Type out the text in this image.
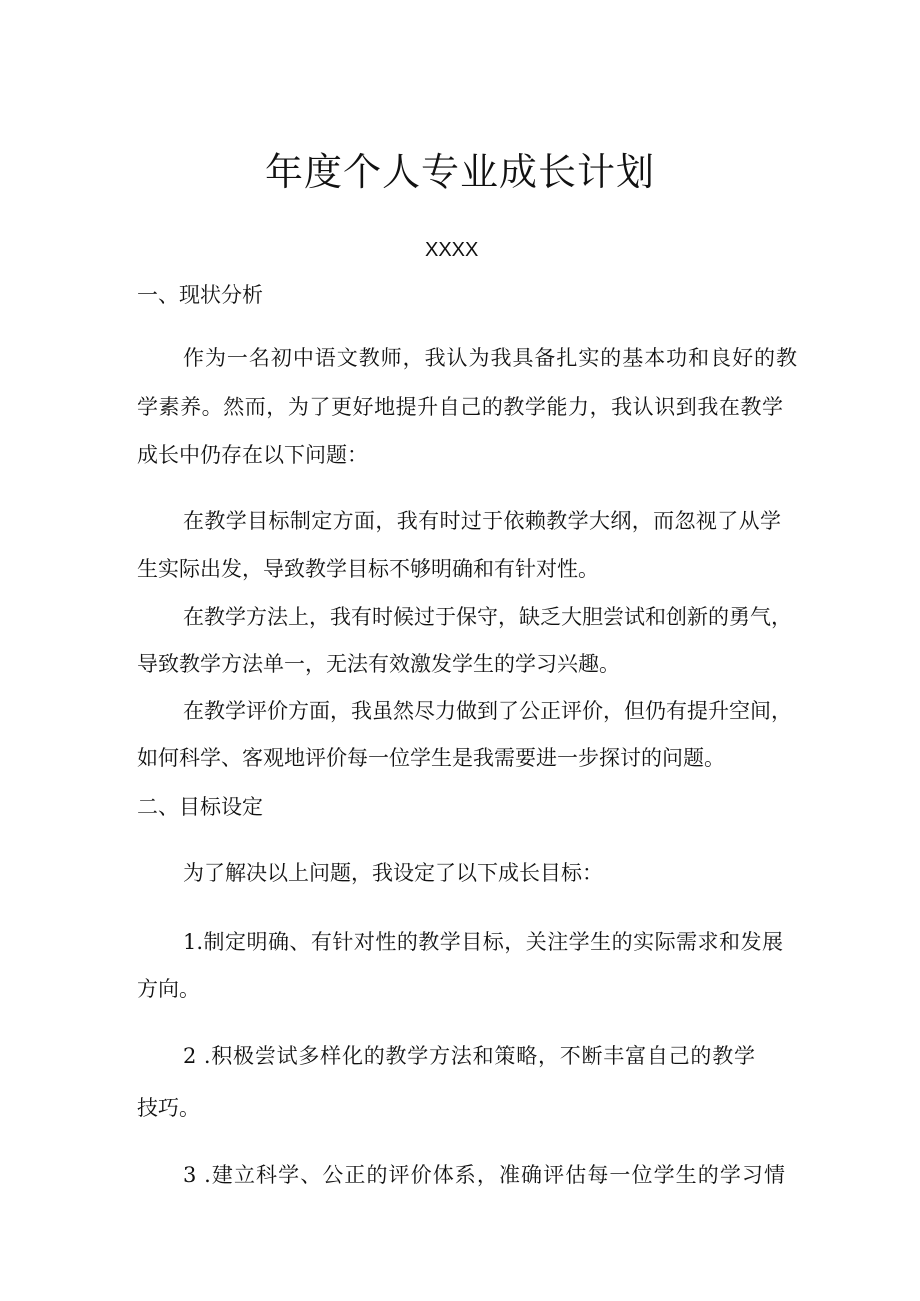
年度个人专业成长计划
XXXX
一、现状分析
作为一名初中语文教师，我认为我具备扎实的基本功和良好的教
学素养。然而，为了更好地提升自己的教学能力，我认识到我在教学
成长中仍存在以下问题：
在教学目标制定方面，我有时过于依赖教学大纲，而忽视了从学
生实际出发，导致教学目标不够明确和有针对性。
在教学方法上，我有时候过于保守，缺乏大胆尝试和创新的勇气，
导致教学方法单一，无法有效激发学生的学习兴趣。
在教学评价方面，我虽然尽力做到了公正评价，但仍有提升空间，
如何科学、客观地评价每一位学生是我需要进一步探讨的问题。
二、目标设定
为了解决以上问题，我设定了以下成长目标：
1.制定明确、有针对性的教学目标，关注学生的实际需求和发展
方向。
2 .积极尝试多样化的教学方法和策略，不断丰富自己的教学
技巧。
3 .建立科学、公正的评价体系，准确评估每一位学生的学习情
